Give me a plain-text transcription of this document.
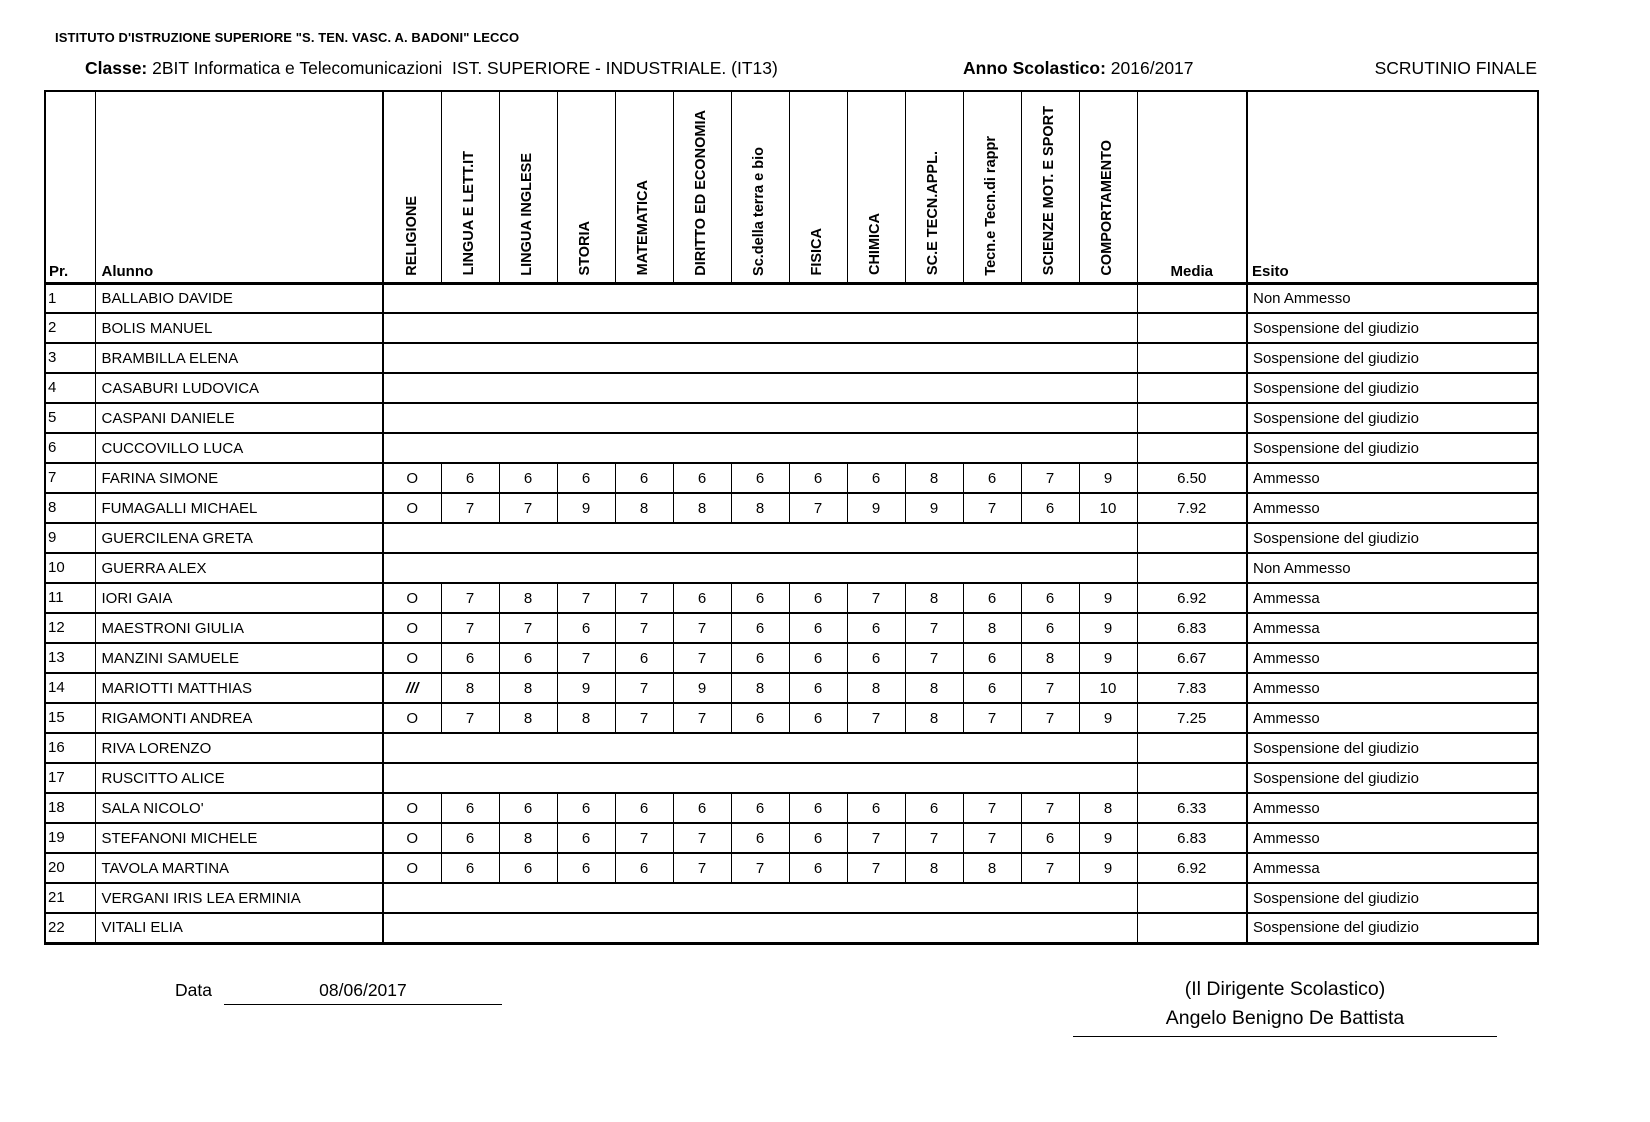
ISTITUTO D'ISTRUZIONE SUPERIORE "S. TEN. VASC. A. BADONI" LECCO
Classe: 2BIT Informatica e Telecomunicazioni  IST. SUPERIORE - INDUSTRIALE. (IT13)	Anno Scolastico: 2016/2017	SCRUTINIO FINALE
Pr.	Alunno	RELIGIONE	LINGUA E LETT.IT	LINGUA INGLESE	STORIA	MATEMATICA	DIRITTO ED ECONOMIA	Sc.della terra e bio	FISICA	CHIMICA	SC.E TECN.APPL.	Tecn.e Tecn.di rappr	SCIENZE MOT. E SPORT	COMPORTAMENTO	Media	Esito
1	BALLABIO DAVIDE															Non Ammesso
2	BOLIS MANUEL															Sospensione del giudizio
3	BRAMBILLA ELENA															Sospensione del giudizio
4	CASABURI LUDOVICA															Sospensione del giudizio
5	CASPANI DANIELE															Sospensione del giudizio
6	CUCCOVILLO LUCA															Sospensione del giudizio
7	FARINA SIMONE	O	6	6	6	6	6	6	6	6	8	6	7	9	6.50	Ammesso
8	FUMAGALLI MICHAEL	O	7	7	9	8	8	8	7	9	9	7	6	10	7.92	Ammesso
9	GUERCILENA GRETA															Sospensione del giudizio
10	GUERRA ALEX															Non Ammesso
11	IORI GAIA	O	7	8	7	7	6	6	6	7	8	6	6	9	6.92	Ammessa
12	MAESTRONI GIULIA	O	7	7	6	7	7	6	6	6	7	8	6	9	6.83	Ammessa
13	MANZINI SAMUELE	O	6	6	7	6	7	6	6	6	7	6	8	9	6.67	Ammesso
14	MARIOTTI MATTHIAS	///	8	8	9	7	9	8	6	8	8	6	7	10	7.83	Ammesso
15	RIGAMONTI ANDREA	O	7	8	8	7	7	6	6	7	8	7	7	9	7.25	Ammesso
16	RIVA LORENZO															Sospensione del giudizio
17	RUSCITTO ALICE															Sospensione del giudizio
18	SALA NICOLO'	O	6	6	6	6	6	6	6	6	6	7	7	8	6.33	Ammesso
19	STEFANONI MICHELE	O	6	8	6	7	7	6	6	7	7	7	6	9	6.83	Ammesso
20	TAVOLA MARTINA	O	6	6	6	6	7	7	6	7	8	8	7	9	6.92	Ammessa
21	VERGANI IRIS LEA ERMINIA															Sospensione del giudizio
22	VITALI ELIA															Sospensione del giudizio
Data	08/06/2017	(Il Dirigente Scolastico)
Angelo Benigno De Battista
